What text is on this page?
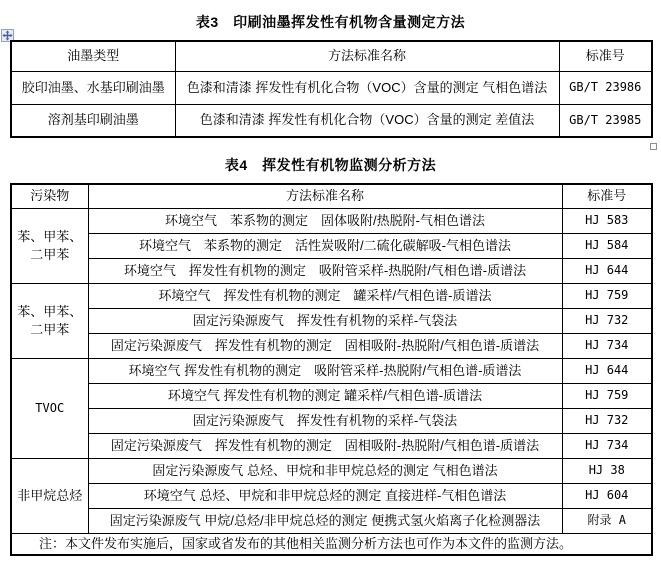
表3　印刷油墨挥发性有机物含量测定方法
油墨类型	方法标准名称	标准号
胶印油墨、水基印刷油墨	色漆和清漆 挥发性有机化合物（VOC）含量的测定 气相色谱法	GB/T 23986
溶剂基印刷油墨	色漆和清漆 挥发性有机化合物（VOC）含量的测定 差值法	GB/T 23985
表4　挥发性有机物监测分析方法
污染物	方法标准名称	标准号
苯、甲苯、二甲苯	环境空气　苯系物的测定　固体吸附/热脱附-气相色谱法	HJ 583
	环境空气　苯系物的测定　活性炭吸附/二硫化碳解吸-气相色谱法	HJ 584
	环境空气　挥发性有机物的测定　吸附管采样-热脱附/气相色谱-质谱法	HJ 644
苯、甲苯、二甲苯	环境空气　挥发性有机物的测定　罐采样/气相色谱-质谱法	HJ 759
	固定污染源废气　挥发性有机物的采样-气袋法	HJ 732
	固定污染源废气　挥发性有机物的测定　固相吸附-热脱附/气相色谱-质谱法	HJ 734
TVOC	环境空气 挥发性有机物的测定　吸附管采样-热脱附/气相色谱-质谱法	HJ 644
	环境空气 挥发性有机物的测定 罐采样/气相色谱-质谱法	HJ 759
	固定污染源废气　挥发性有机物的采样-气袋法	HJ 732
	固定污染源废气　挥发性有机物的测定　固相吸附-热脱附/气相色谱-质谱法	HJ 734
非甲烷总烃	固定污染源废气 总烃、甲烷和非甲烷总烃的测定 气相色谱法	HJ 38
	环境空气 总烃、甲烷和非甲烷总烃的测定 直接进样-气相色谱法	HJ 604
	固定污染源废气 甲烷/总烃/非甲烷总烃的测定 便携式氢火焰离子化检测器法	附录 A
注：本文件发布实施后，国家或省发布的其他相关监测分析方法也可作为本文件的监测方法。		
